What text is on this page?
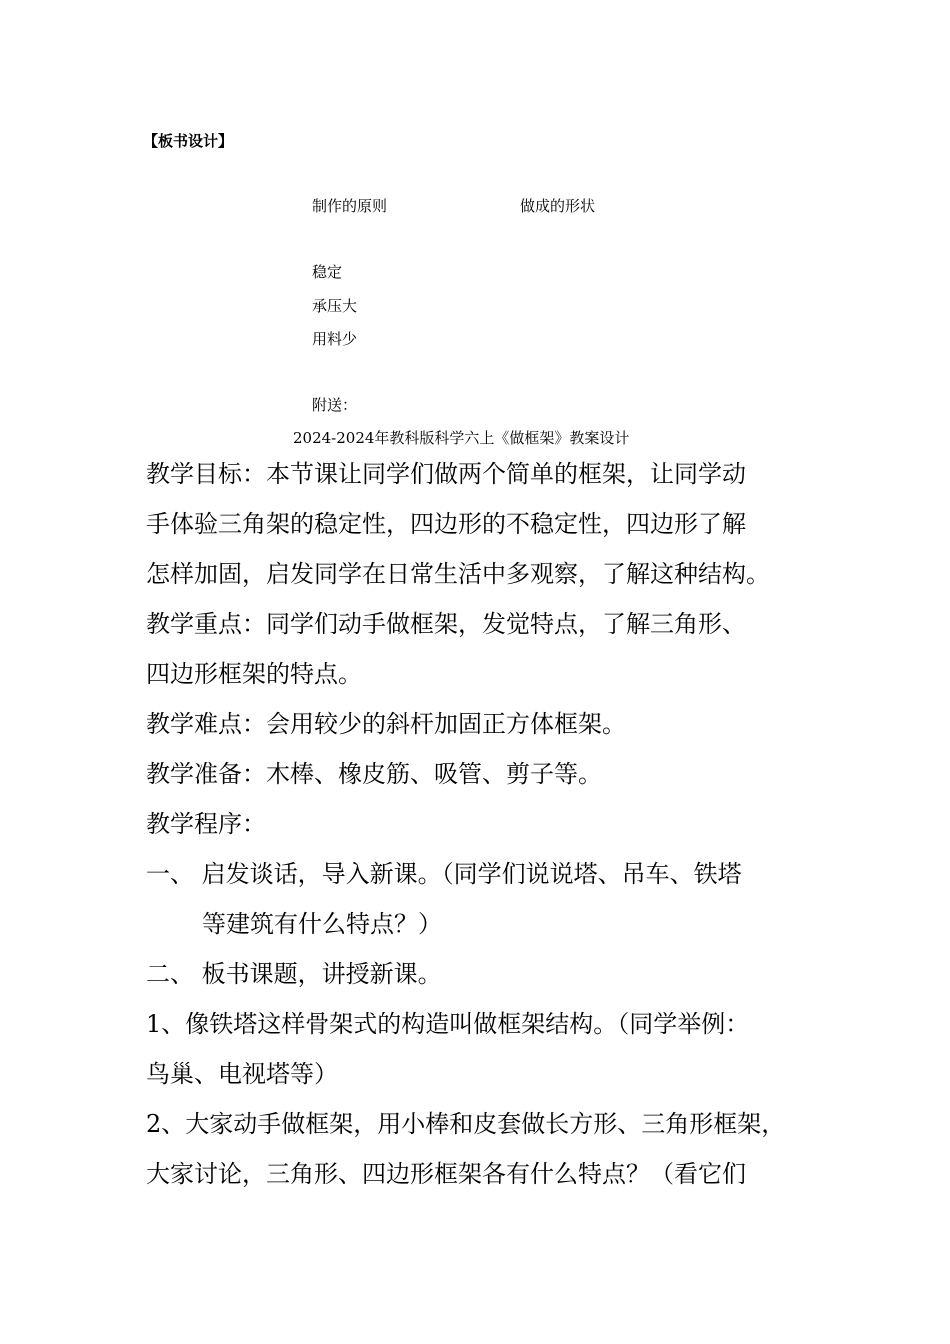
【板书设计】
制作的原则	做成的形状
稳定
承压大
用料少
附送：
2024-2024年教科版科学六上《做框架》教案设计
教学目标：本节课让同学们做两个简单的框架，让同学动
手体验三角架的稳定性，四边形的不稳定性，四边形了解
怎样加固，启发同学在日常生活中多观察，了解这种结构。
教学重点：同学们动手做框架，发觉特点，了解三角形、
四边形框架的特点。
教学难点：会用较少的斜杆加固正方体框架。
教学准备：木棒、橡皮筋、吸管、剪子等。
教学程序：
一、 启发谈话，导入新课。（同学们说说塔、吊车、铁塔
等建筑有什么特点？）
二、 板书课题，讲授新课。
1、像铁塔这样骨架式的构造叫做框架结构。（同学举例：
鸟巢、电视塔等）
2、大家动手做框架，用小棒和皮套做长方形、三角形框架，
大家讨论，三角形、四边形框架各有什么特点？（看它们
